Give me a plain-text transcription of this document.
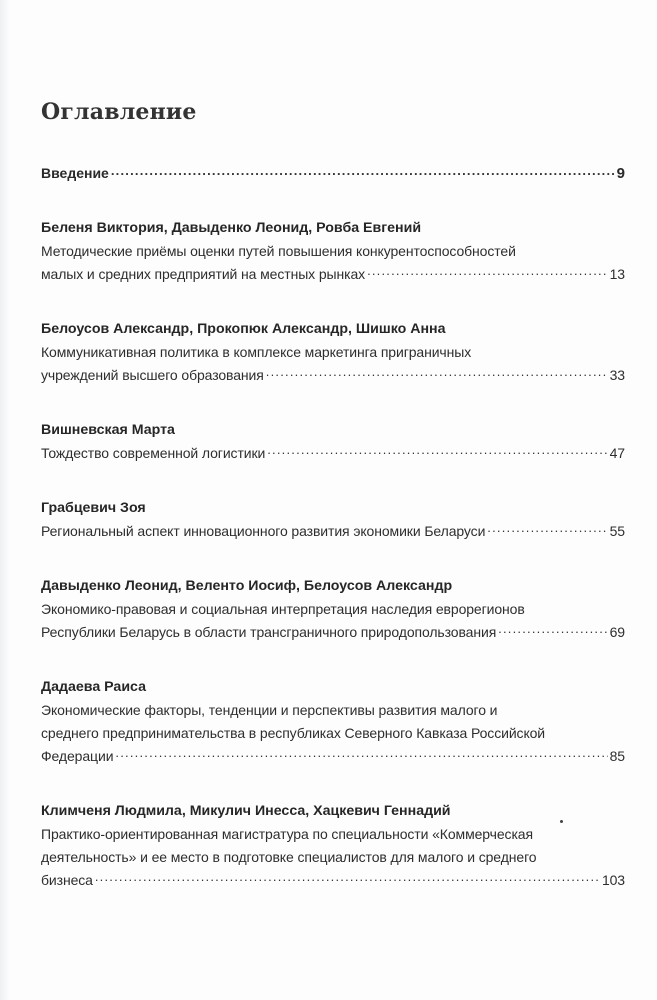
Оглавление
Введение .....	9
Беленя Виктория, Давыденко Леонид, Ровба Евгений
Методические приёмы оценки путей повышения конкурентоспособностей
малых и средних предприятий на местных рынках .....	13
Белоусов Александр, Прокопюк Александр, Шишко Анна
Коммуникативная политика в комплексе маркетинга приграничных
учреждений высшего образования .....	33
Вишневская Марта
Тождество современной логистики .....	47
Грабцевич Зоя
Региональный аспект инновационного развития экономики Беларуси .....	55
Давыденко Леонид, Веленто Иосиф, Белоусов Александр
Экономико-правовая и социальная интерпретация наследия еврорегионов
Республики Беларусь в области трансграничного природопользования .....	69
Дадаева Раиса
Экономические факторы, тенденции и перспективы развития малого и
среднего предпринимательства в республиках Северного Кавказа Российской
Федерации .....	85
Климченя Людмила, Микулич Инесса, Хацкевич Геннадий
Практико-ориентированная магистратура по специальности «Коммерческая
деятельность» и ее место в подготовке специалистов для малого и среднего
бизнеса .....	103
